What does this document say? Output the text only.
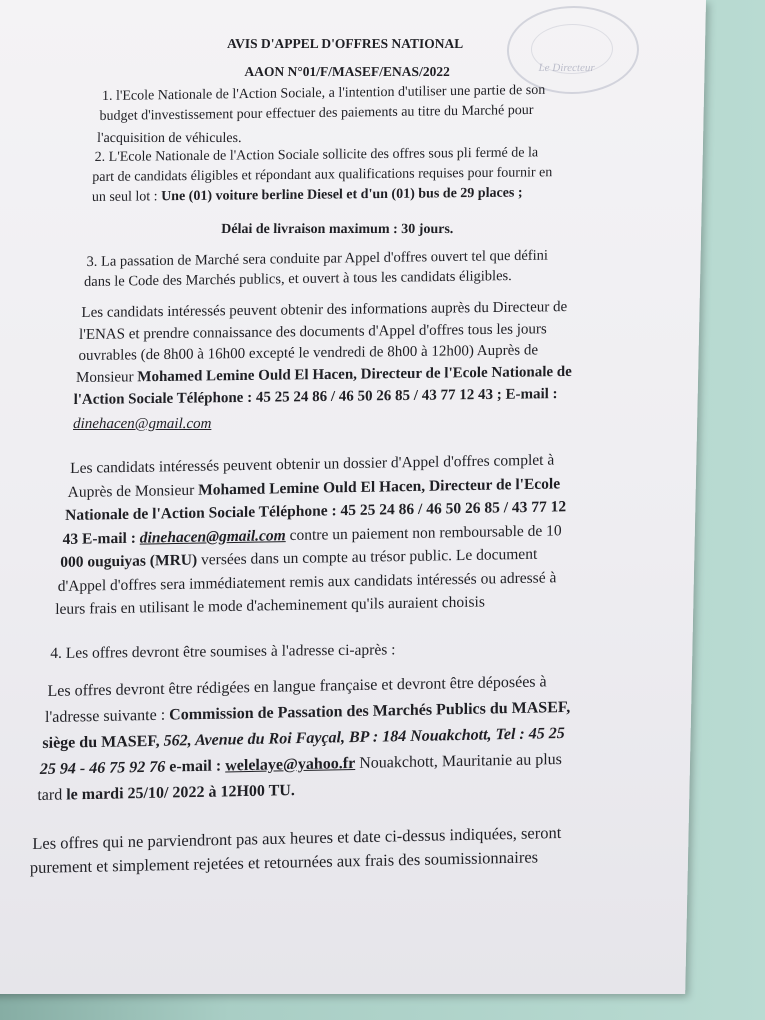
Le Directeur
AVIS D'APPEL D'OFFRES NATIONAL
AAON N°01/F/MASEF/ENAS/2022
1. l'Ecole Nationale de l'Action Sociale, a l'intention d'utiliser une partie de son
budget d'investissement pour effectuer des paiements au titre du Marché pour
l'acquisition de véhicules.
2. L'Ecole Nationale de l'Action Sociale sollicite des offres sous pli fermé de la
part de candidats éligibles et répondant aux qualifications requises pour fournir en
un seul lot : Une (01) voiture berline Diesel et d'un (01) bus de 29 places ;
Délai de livraison maximum : 30 jours.
3. La passation de Marché sera conduite par Appel d'offres ouvert tel que défini
dans le Code des Marchés publics, et ouvert à tous les candidats éligibles.
Les candidats intéressés peuvent obtenir des informations auprès du Directeur de
l'ENAS et prendre connaissance des documents d'Appel d'offres tous les jours
ouvrables (de 8h00 à 16h00 excepté le vendredi de 8h00 à 12h00) Auprès de
Monsieur Mohamed Lemine Ould El Hacen, Directeur de l'Ecole Nationale de
l'Action Sociale Téléphone : 45 25 24 86 / 46 50 26 85 / 43 77 12 43 ; E-mail :
dinehacen@gmail.com
Les candidats intéressés peuvent obtenir un dossier d'Appel d'offres complet à
Auprès de Monsieur Mohamed Lemine Ould El Hacen, Directeur de l'Ecole
Nationale de l'Action Sociale Téléphone : 45 25 24 86 / 46 50 26 85 / 43 77 12
43 E-mail : dinehacen@gmail.com contre un paiement non remboursable de 10
000 ouguiyas (MRU) versées dans un compte au trésor public. Le document
d'Appel d'offres sera immédiatement remis aux candidats intéressés ou adressé à
leurs frais en utilisant le mode d'acheminement qu'ils auraient choisis
4. Les offres devront être soumises à l'adresse ci-après :
Les offres devront être rédigées en langue française et devront être déposées à
l'adresse suivante : Commission de Passation des Marchés Publics du MASEF,
siège du MASEF, 562, Avenue du Roi Fayçal, BP : 184 Nouakchott, Tel : 45 25
25 94 - 46 75 92 76 e-mail : welelaye@yahoo.fr Nouakchott, Mauritanie au plus
tard le mardi 25/10/ 2022 à 12H00 TU.
Les offres qui ne parviendront pas aux heures et date ci-dessus indiquées, seront
purement et simplement rejetées et retournées aux frais des soumissionnaires
